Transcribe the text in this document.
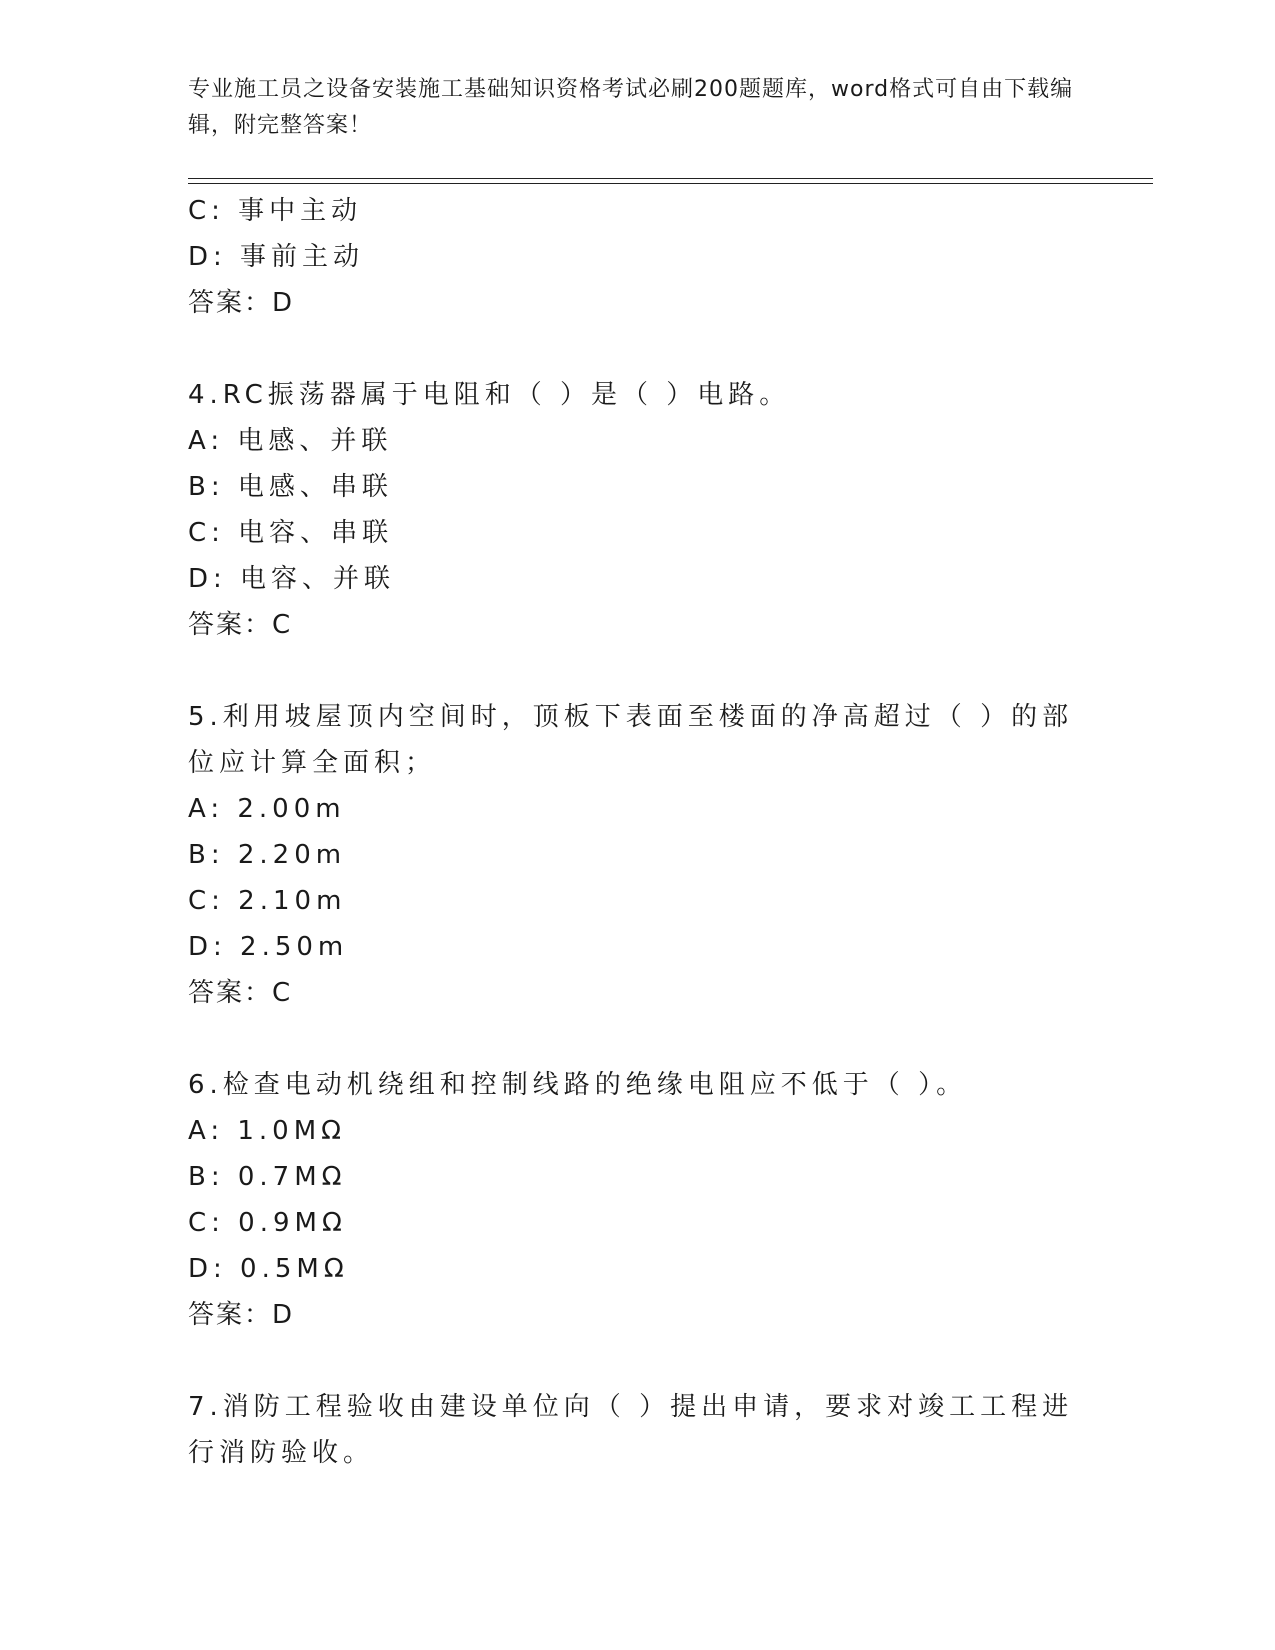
专业施工员之设备安装施工基础知识资格考试必刷200题题库，word格式可自由下载编辑，附完整答案！
C: 事中主动
D: 事前主动
答案：D
4.RC振荡器属于电阻和（ ）是（ ）电路。
A: 电感、并联
B: 电感、串联
C: 电容、串联
D: 电容、并联
答案：C
5.利用坡屋顶内空间时，顶板下表面至楼面的净高超过（ ）的部位应计算全面积；
A: 2.00m
B: 2.20m
C: 2.10m
D: 2.50m
答案：C
6.检查电动机绕组和控制线路的绝缘电阻应不低于（ ）。
A: 1.0MΩ
B: 0.7MΩ
C: 0.9MΩ
D: 0.5MΩ
答案：D
7.消防工程验收由建设单位向（ ）提出申请，要求对竣工工程进行消防验收。
